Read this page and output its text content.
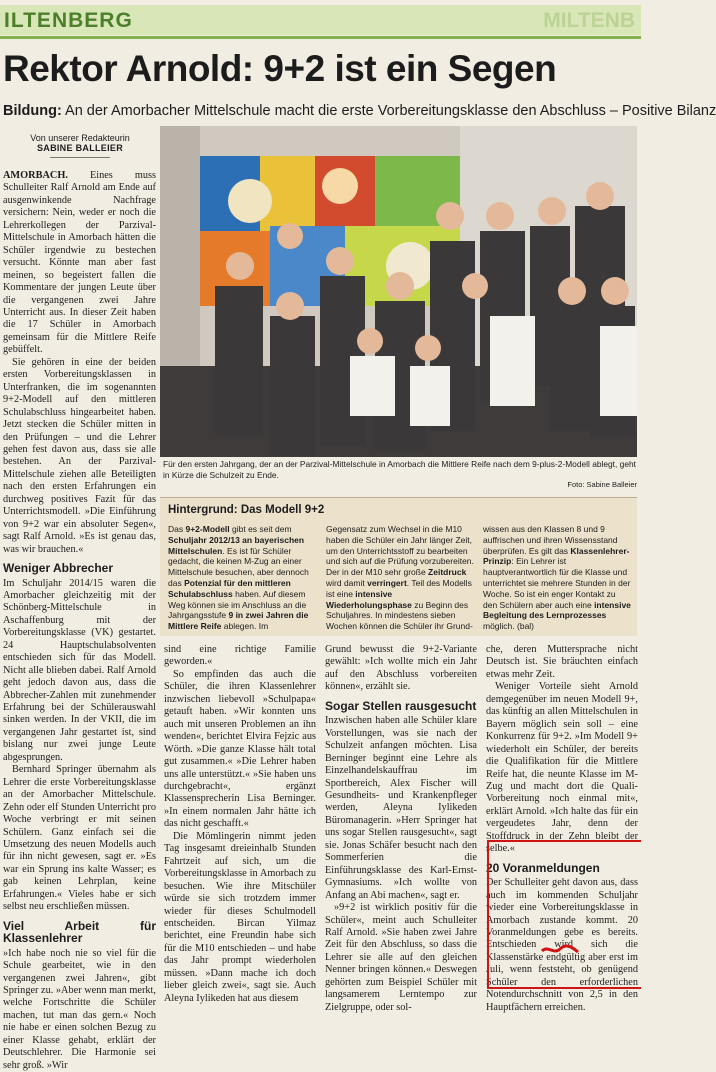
ILTENBERG	MILTENB
Rektor Arnold: 9+2 ist ein Segen
Bildung: An der Amorbacher Mittelschule macht die erste Vorbereitungsklasse den Abschluss – Positive Bilanz
Von unserer Redakteurin
SABINE BALLEIER

AMORBACH. Eines muss Schulleiter Ralf Arnold am Ende auf ausgenwinkende Nachfrage versichern: Nein, weder er noch die Lehrerkollegen der Parzival-Mittelschule in Amorbach hätten die Schüler irgendwie zu bestechen versucht. Könnte man aber fast meinen, so begeistert fallen die Kommentare der jungen Leute über die vergangenen zwei Jahre Unterricht aus. In dieser Zeit haben die 17 Schüler in Amorbach gemeinsam für die Mittlere Reife gebüffelt.

Sie gehören in eine der beiden ersten Vorbereitungsklassen in Unterfranken, die im sogenannten 9+2-Modell auf den mittleren Schulabschluss hingearbeitet haben. Jetzt stecken die Schüler mitten in den Prüfungen – und die Lehrer gehen fest davon aus, dass sie alle bestehen. An der Parzival-Mittelschule ziehen alle Beteiligten nach den ersten Erfahrungen ein durchweg positives Fazit für das Unterrichtsmodell. »Die Einführung von 9+2 war ein absoluter Segen«, sagt Ralf Arnold. »Es ist genau das, was wir brauchen.«

Weniger Abbrecher

Im Schuljahr 2014/15 waren die Amorbacher gleichzeitig mit der Schönberg-Mittelschule in Aschaffenburg mit der Vorbereitungsklasse (VK) gestartet. 24 Hauptschulabsolventen entschieden sich für das Modell. Nicht alle blieben dabei. Ralf Arnold geht jedoch davon aus, dass die Abbrecher-Zahlen mit zunehmender Erfahrung bei der Schülerauswahl sinken werden. In der VKII, die im vergangenen Jahr gestartet ist, sind bislang nur zwei junge Leute abgesprungen.

Bernhard Springer übernahm als Lehrer die erste Vorbereitungsklasse an der Amorbacher Mittelschule. Zehn oder elf Stunden Unterricht pro Woche verbringt er mit seinen Schülern. Ganz einfach sei die Umsetzung des neuen Modells auch für ihn nicht gewesen, sagt er. »Es war ein Sprung ins kalte Wasser; es gab keinen Lehrplan, keine Erfahrungen.« Vieles habe er sich selbst neu erschließen müssen.

Viel Arbeit für Klassenlehrer

»Ich habe noch nie so viel für die Schule gearbeitet, wie in den vergangenen zwei Jahren«, gibt Springer zu. »Aber wenn man merkt, welche Fortschritte die Schüler machen, tut man das gern.« Noch nie habe er einen solchen Bezug zu einer Klasse gehabt, erklärt der Deutschlehrer. Die Harmonie sei sehr groß. »Wir

Für den ersten Jahrgang, der an der Parzival-Mittelschule in Amorbach die Mittlere Reife nach dem 9-plus-2-Modell ablegt, geht in Kürze die Schulzeit zu Ende.
Foto: Sabine Balleier
Hintergrund: Das Modell 9+2

Das 9+2-Modell gibt es seit dem Schuljahr 2012/13 an bayerischen Mittelschulen. Es ist für Schüler gedacht, die keinen M-Zug an einer Mittelschule besuchen, aber dennoch das Potenzial für den mittleren Schulabschluss haben. Auf diesem Weg können sie im Anschluss an die Jahrgangsstufe 9 in zwei Jahren die Mittlere Reife ablegen. Im

Gegensatz zum Wechsel in die M10 haben die Schüler ein Jahr länger Zeit, um den Unterrichtsstoff zu bearbeiten und sich auf die Prüfung vorzubereiten. Der in der M10 sehr große Zeitdruck wird damit verringert. Teil des Modells ist eine intensive Wiederholungsphase zu Beginn des Schuljahres. In mindestens sieben Wochen können die Schüler ihr Grund-

wissen aus den Klassen 8 und 9 auffrischen und ihren Wissensstand überprüfen. Es gilt das Klassenlehrer-Prinzip: Ein Lehrer ist hauptverantwortlich für die Klasse und unterrichtet sie mehrere Stunden in der Woche. So ist ein enger Kontakt zu den Schülern aber auch eine intensive Begleitung des Lernprozesses möglich. (bal)

sind eine richtige Familie geworden.«

So empfinden das auch die Schüler, die ihren Klassenlehrer inzwischen liebevoll »Schulpapa« getauft haben. »Wir konnten uns auch mit unseren Problemen an ihn wenden«, berichtet Elvira Fejzic aus Wörth. »Die ganze Klasse hält total gut zusammen.« »Die Lehrer haben uns alle unterstützt.« »Sie haben uns durchgebracht«, ergänzt Klassensprecherin Lisa Berninger. »In einem normalen Jahr hätte ich das nicht geschafft.«

Die Mömlingerin nimmt jeden Tag insgesamt dreieinhalb Stunden Fahrtzeit auf sich, um die Vorbereitungsklasse in Amorbach zu besuchen. Wie ihre Mitschüler würde sie sich trotzdem immer wieder für dieses Schulmodell entscheiden. Bircan Yilmaz berichtet, eine Freundin habe sich für die M10 entschieden – und habe das Jahr prompt wiederholen müssen. »Dann mache ich doch lieber gleich zwei«, sagt sie. Auch Aleyna Iylikeden hat aus diesem

Grund bewusst die 9+2-Variante gewählt: »Ich wollte mich ein Jahr auf den Abschluss vorbereiten können«, erzählt sie.

Sogar Stellen rausgesucht

Inzwischen haben alle Schüler klare Vorstellungen, was sie nach der Schulzeit anfangen möchten. Lisa Berninger beginnt eine Lehre als Einzelhandelskauffrau im Sportbereich, Alex Fischer will Gesundheits- und Krankenpfleger werden, Aleyna Iylikeden Büromanagerin. »Herr Springer hat uns sogar Stellen rausgesucht«, sagt sie. Jonas Schäfer besucht nach den Sommerferien die Einführungsklasse des Karl-Ernst-Gymnasiums. »Ich wollte von Anfang an Abi machen«, sagt er.

»9+2 ist wirklich positiv für die Schüler«, meint auch Schulleiter Ralf Arnold. »Sie haben zwei Jahre Zeit für den Abschluss, so dass die Lehrer sie alle auf den gleichen Nenner bringen können.« Deswegen gehörten zum Beispiel Schüler mit langsamerem Lerntempo zur Zielgruppe, oder sol-

che, deren Muttersprache nicht Deutsch ist. Sie bräuchten einfach etwas mehr Zeit.

Weniger Vorteile sieht Arnold demgegenüber im neuen Modell 9+, das künftig an allen Mittelschulen in Bayern möglich sein soll – eine Konkurrenz für 9+2. »Im Modell 9+ wiederholt ein Schüler, der bereits die Qualifikation für die Mittlere Reife hat, die neunte Klasse im M-Zug und macht dort die Quali-Vorbereitung noch einmal mit«, erklärt Arnold. »Ich halte das für ein vergeudetes Jahr, denn der Stoffdruck in der Zehn bleibt der selbe.«

20 Voranmeldungen

Der Schulleiter geht davon aus, dass auch im kommenden Schuljahr wieder eine Vorbereitungsklasse in Amorbach zustande kommt. 20 Voranmeldungen gebe es bereits. Entschieden wird sich die Klassenstärke endgültig aber erst im Juli, wenn feststeht, ob genügend Schüler den erforderlichen Notendurchschnitt von 2,5 in den Hauptfächern erreichen.
